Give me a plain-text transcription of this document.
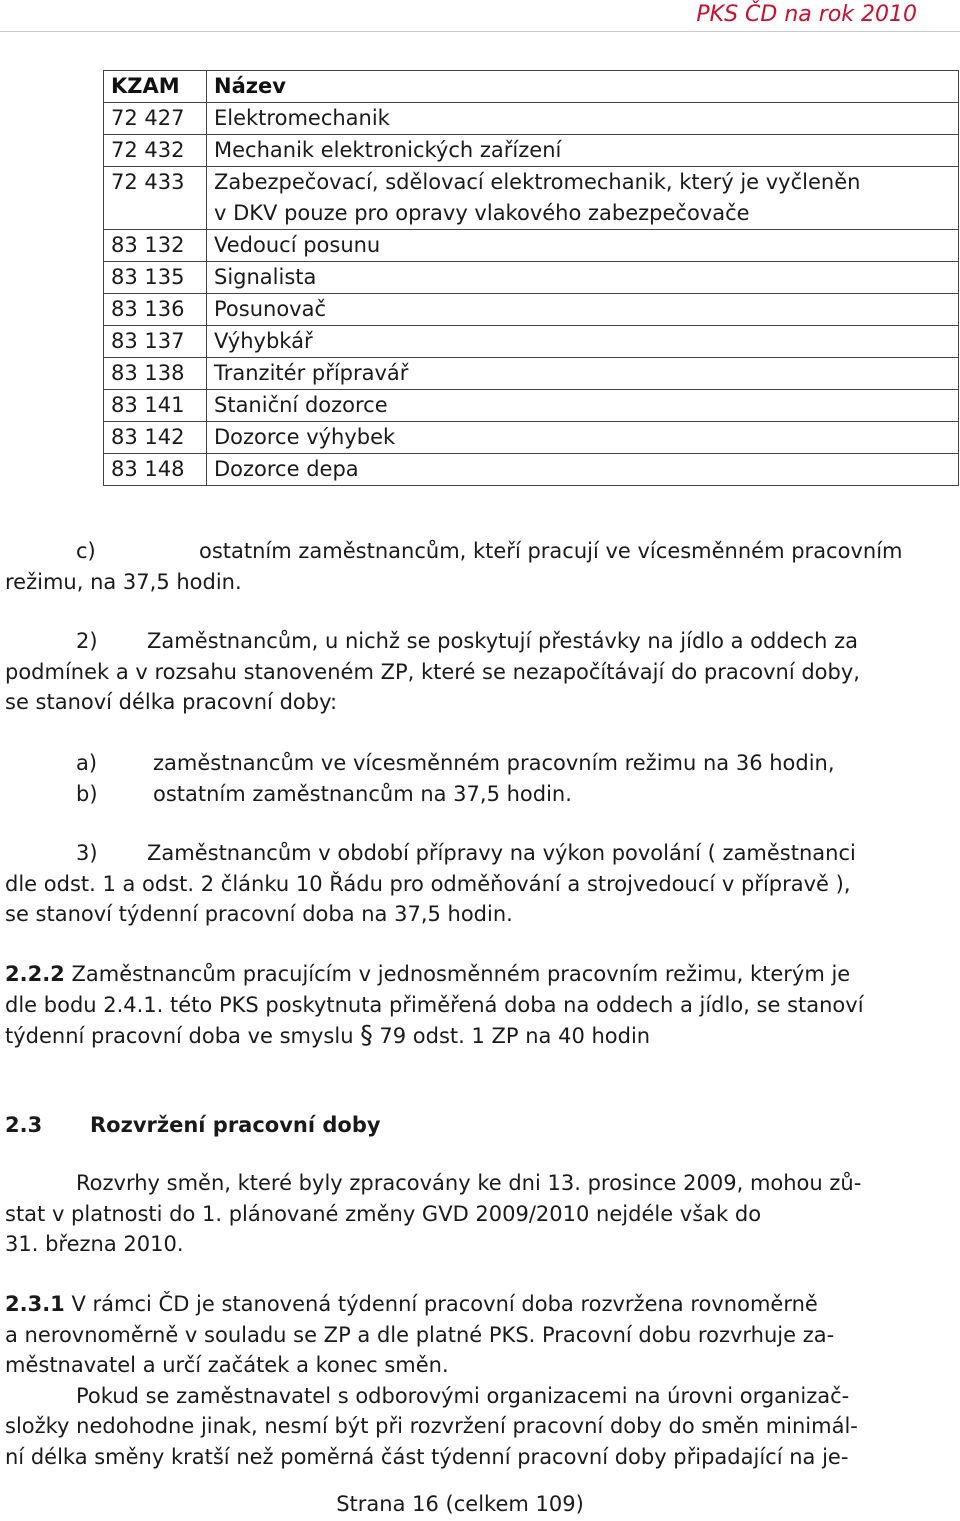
PKS ČD na rok 2010
KZAM	Název
72 427	Elektromechanik
72 432	Mechanik elektronických zařízení
72 433	Zabezpečovací, sdělovací elektromechanik, který je vyčleněn
v DKV pouze pro opravy vlakového zabezpečovače

83 132	Vedoucí posunu
83 135	Signalista
83 136	Posunovač
83 137	Výhybkář
83 138	Tranzitér přípravář
83 141	Staniční dozorce
83 142	Dozorce výhybek
83 148	Dozorce depa
c)	ostatním zaměstnancům, kteří pracují ve vícesměnném pracovním
režimu, na 37,5 hodin.
2) Zaměstnancům, u nichž se poskytují přestávky na jídlo a oddech za
podmínek a v rozsahu stanoveném ZP, které se nezapočítávají do pracovní doby,
se stanoví délka pracovní doby:
a)	zaměstnancům ve vícesměnném pracovním režimu na 36 hodin,
b)	ostatním zaměstnancům na 37,5 hodin.
3) Zaměstnancům v období přípravy na výkon povolání ( zaměstnanci
dle odst. 1 a odst. 2 článku 10 Řádu pro odměňování a strojvedoucí v přípravě ),
se stanoví týdenní pracovní doba na 37,5 hodin.
2.2.2 Zaměstnancům pracujícím v jednosměnném pracovním režimu, kterým je
dle bodu 2.4.1. této PKS poskytnuta přiměřená doba na oddech a jídlo, se stanoví
týdenní pracovní doba ve smyslu § 79 odst. 1 ZP na 40 hodin
2.3 Rozvržení pracovní doby
Rozvrhy směn, které byly zpracovány ke dni 13. prosince 2009, mohou zů-
stat v platnosti do 1. plánované změny GVD 2009/2010 nejdéle však do
31. března 2010.
2.3.1 V rámci ČD je stanovená týdenní pracovní doba rozvržena rovnoměrně
a nerovnoměrně v souladu se ZP a dle platné PKS. Pracovní dobu rozvrhuje za-
městnavatel a určí začátek a konec směn.
Pokud se zaměstnavatel s odborovými organizacemi na úrovni organizač-
složky nedohodne jinak, nesmí být při rozvržení pracovní doby do směn minimál-
ní délka směny kratší než poměrná část týdenní pracovní doby připadající na je-
Strana 16 (celkem 109)
